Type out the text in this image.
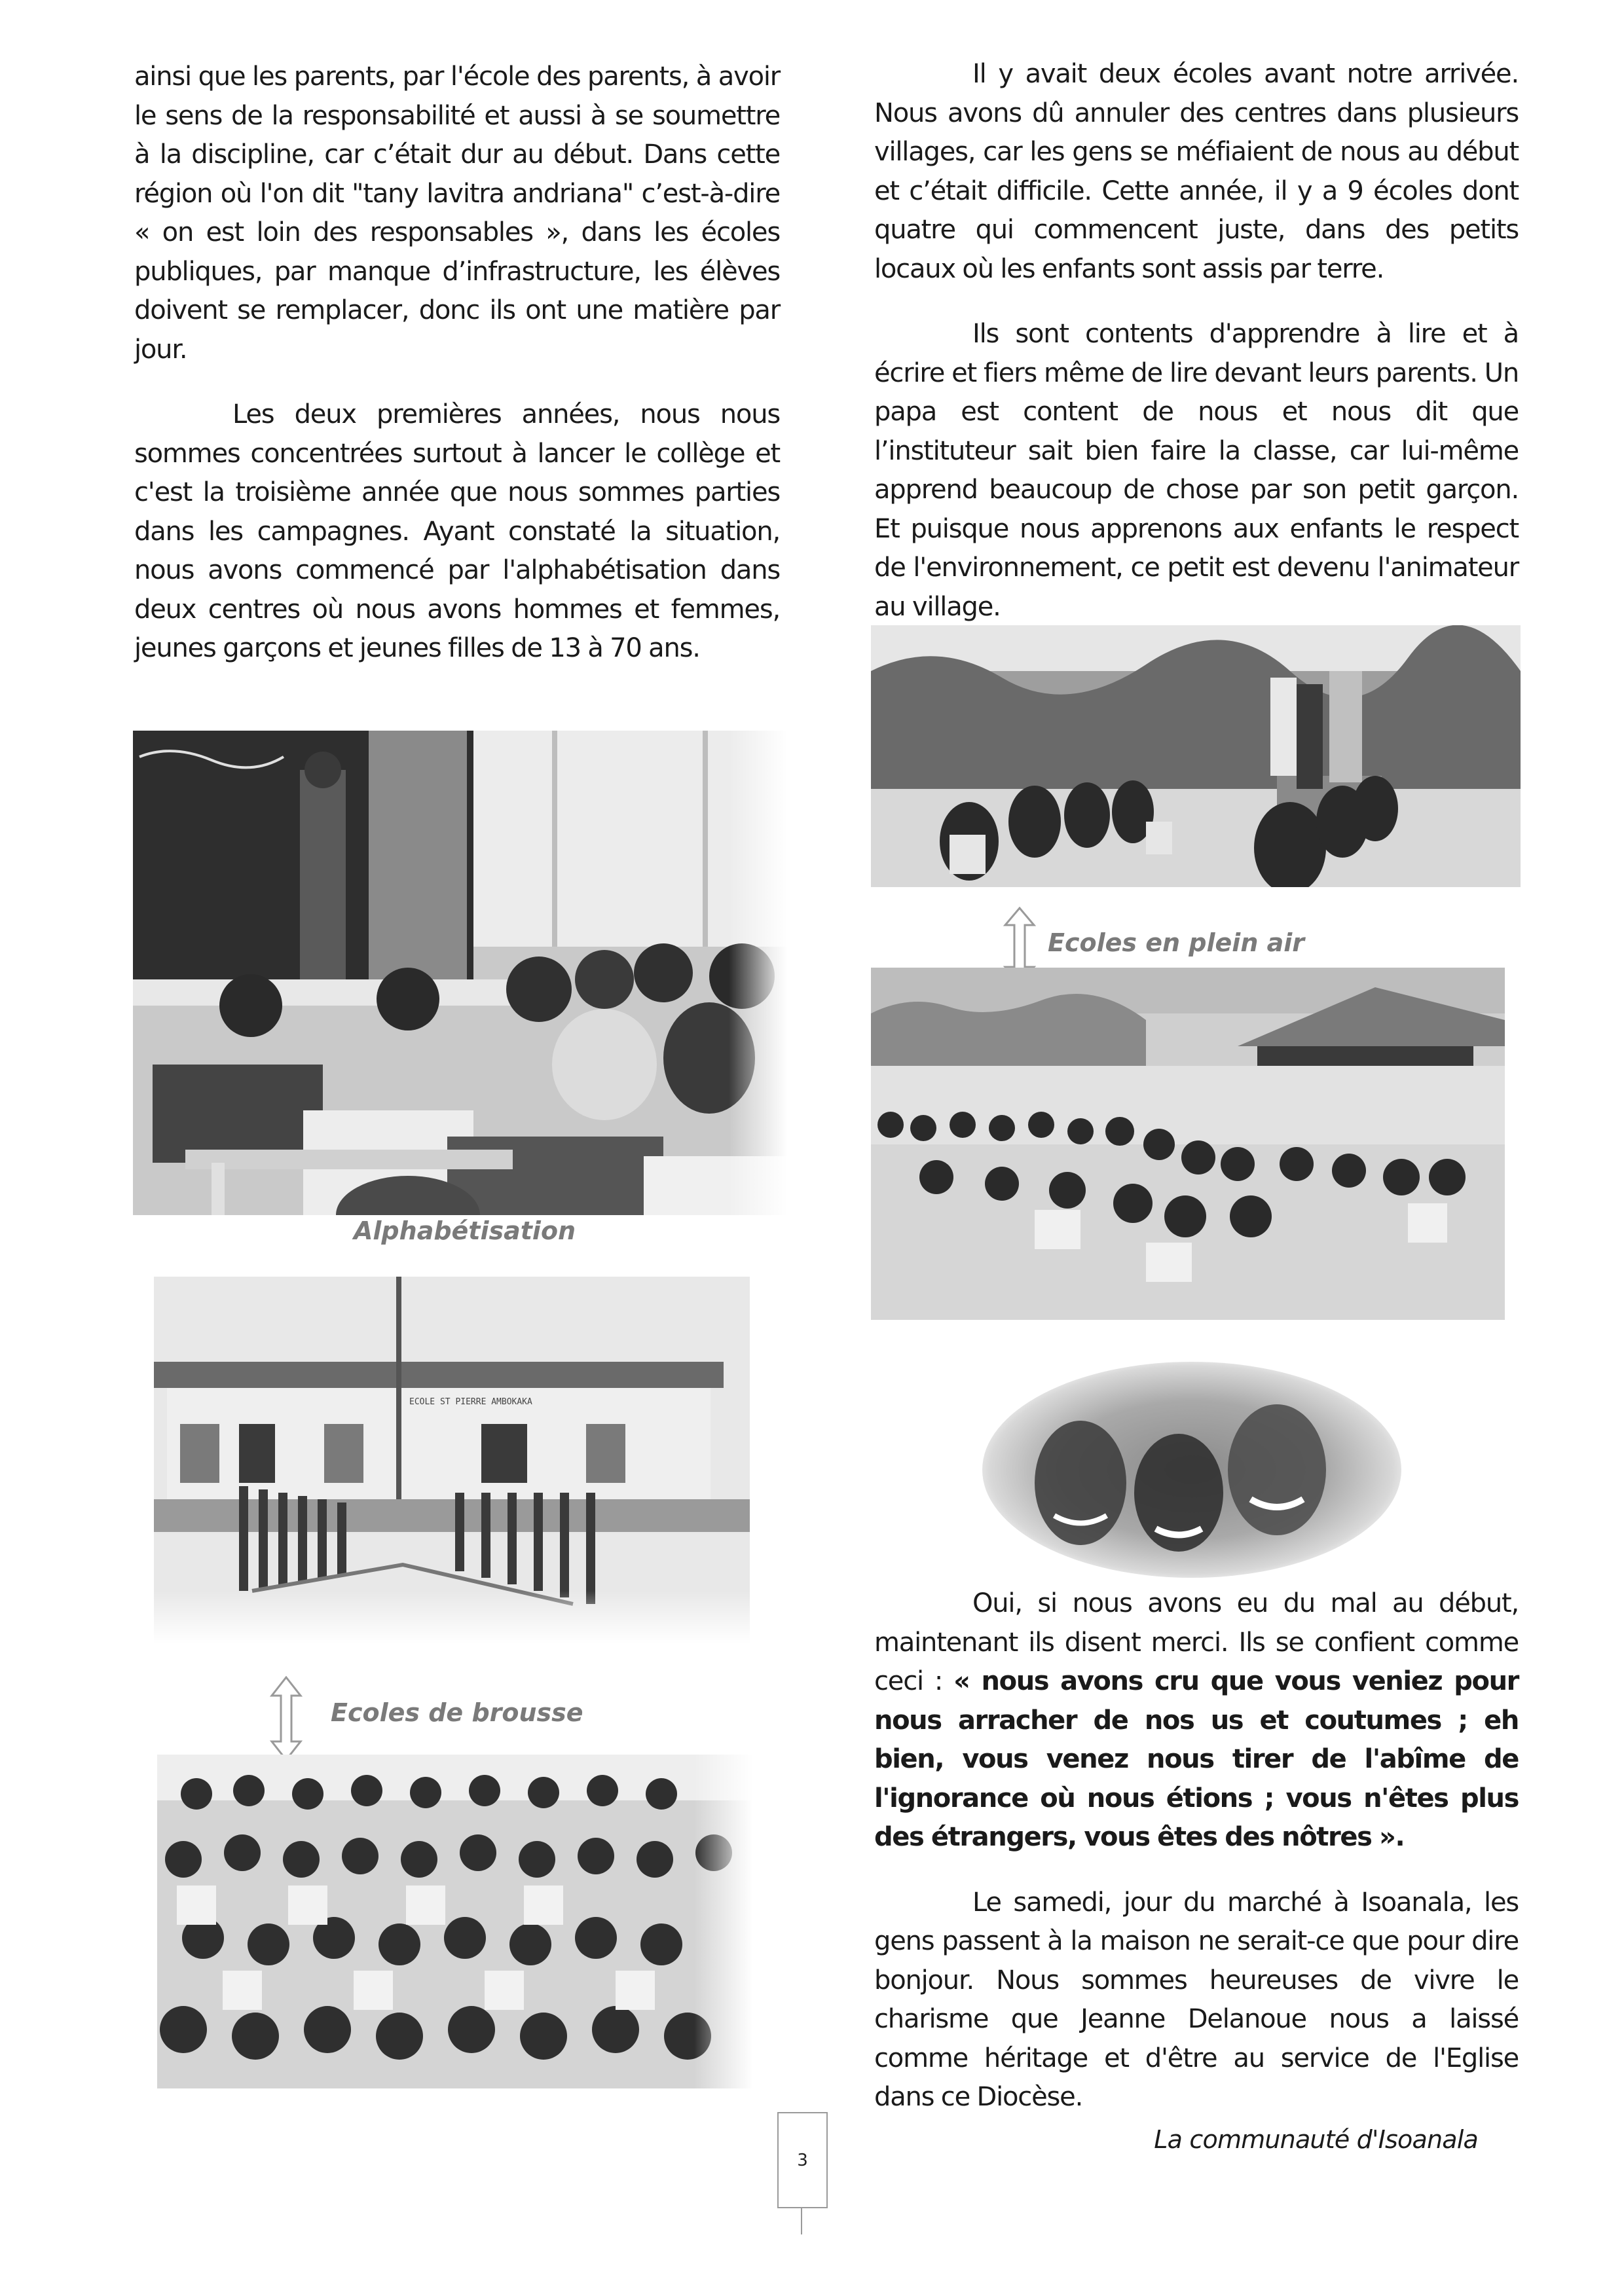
ainsi que les parents, par l'école des parents, à avoir le sens de la responsabilité et aussi à se soumettre à la discipline, car c’était dur au début. Dans cette région où l'on dit "tany lavitra andriana" c’est-à-dire « on est loin des responsables », dans les écoles publiques, par manque d’infrastructure, les élèves doivent se remplacer, donc ils ont une matière par jour.

Les deux premières années, nous nous sommes concentrées surtout à lancer le collège et c'est la troisième année que nous sommes parties dans les campagnes. Ayant constaté la situation, nous avons commencé par l'alphabétisation dans deux centres où nous avons hommes et femmes, jeunes garçons et jeunes filles de 13 à 70 ans.

Il y avait deux écoles avant notre arrivée. Nous avons dû annuler des centres dans plusieurs villages, car les gens se méfiaient de nous au début et c’était difficile. Cette année, il y a 9 écoles dont quatre qui commencent juste, dans des petits locaux où les enfants sont assis par terre.

Ils sont contents d'apprendre à lire et à écrire et fiers même de lire devant leurs parents. Un papa est content de nous et nous dit que l’instituteur sait bien faire la classe, car lui-même apprend beaucoup de chose par son petit garçon. Et puisque nous apprenons aux enfants le respect de l'environnement, ce petit est devenu l'animateur au village.

Alphabétisation
ECOLE ST PIERRE AMBOKAKA
Ecoles de brousse
Ecoles en plein air

Oui, si nous avons eu du mal au début, maintenant ils disent merci. Ils se confient comme ceci : « nous avons cru que vous veniez pour nous arracher de nos us et coutumes ; eh bien, vous venez nous tirer de l'abîme de l'ignorance où nous étions ; vous n'êtes plus des étrangers, vous êtes des nôtres ».

Le samedi, jour du marché à Isoanala, les gens passent à la maison ne serait-ce que pour dire bonjour. Nous sommes heureuses de vivre le charisme que Jeanne Delanoue nous a laissé comme héritage et d'être au service de l'Eglise dans ce Diocèse.

La communauté d'Isoanala
3
